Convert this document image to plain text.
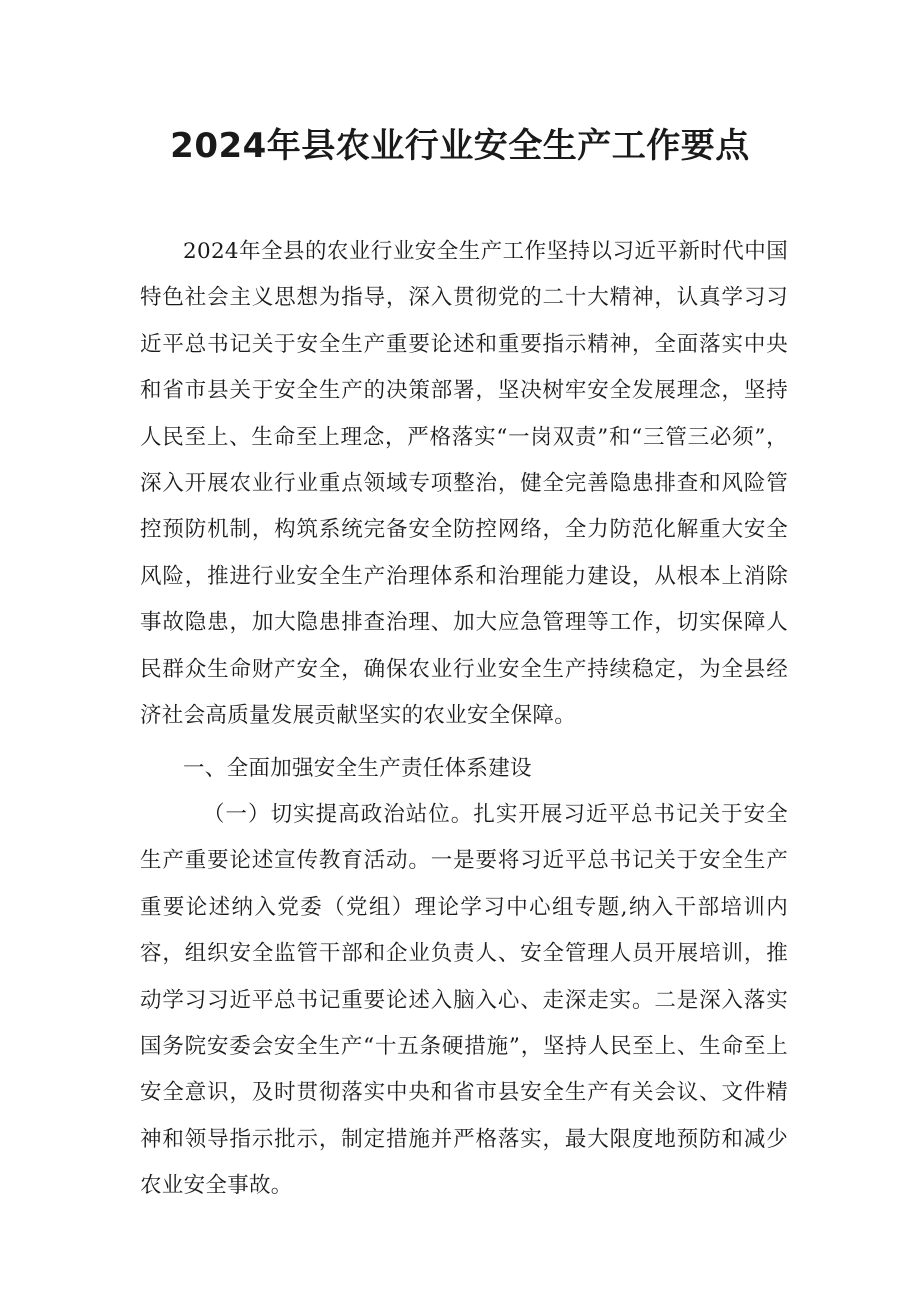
2024年县农业行业安全生产工作要点

2024年全县的农业行业安全生产工作坚持以习近平新时代中国特色社会主义思想为指导，深入贯彻党的二十大精神，认真学习习近平总书记关于安全生产重要论述和重要指示精神，全面落实中央和省市县关于安全生产的决策部署，坚决树牢安全发展理念，坚持人民至上、生命至上理念，严格落实“一岗双责”和“三管三必须”，深入开展农业行业重点领域专项整治，健全完善隐患排查和风险管控预防机制，构筑系统完备安全防控网络，全力防范化解重大安全风险，推进行业安全生产治理体系和治理能力建设，从根本上消除事故隐患，加大隐患排查治理、加大应急管理等工作，切实保障人民群众生命财产安全，确保农业行业安全生产持续稳定，为全县经济社会高质量发展贡献坚实的农业安全保障。

一、全面加强安全生产责任体系建设

（一）切实提高政治站位。扎实开展习近平总书记关于安全生产重要论述宣传教育活动。一是要将习近平总书记关于安全生产重要论述纳入党委（党组）理论学习中心组专题,纳入干部培训内容，组织安全监管干部和企业负责人、安全管理人员开展培训，推动学习习近平总书记重要论述入脑入心、走深走实。二是深入落实国务院安委会安全生产“十五条硬措施”，坚持人民至上、生命至上安全意识，及时贯彻落实中央和省市县安全生产有关会议、文件精神和领导指示批示，制定措施并严格落实，最大限度地预防和减少农业安全事故。
